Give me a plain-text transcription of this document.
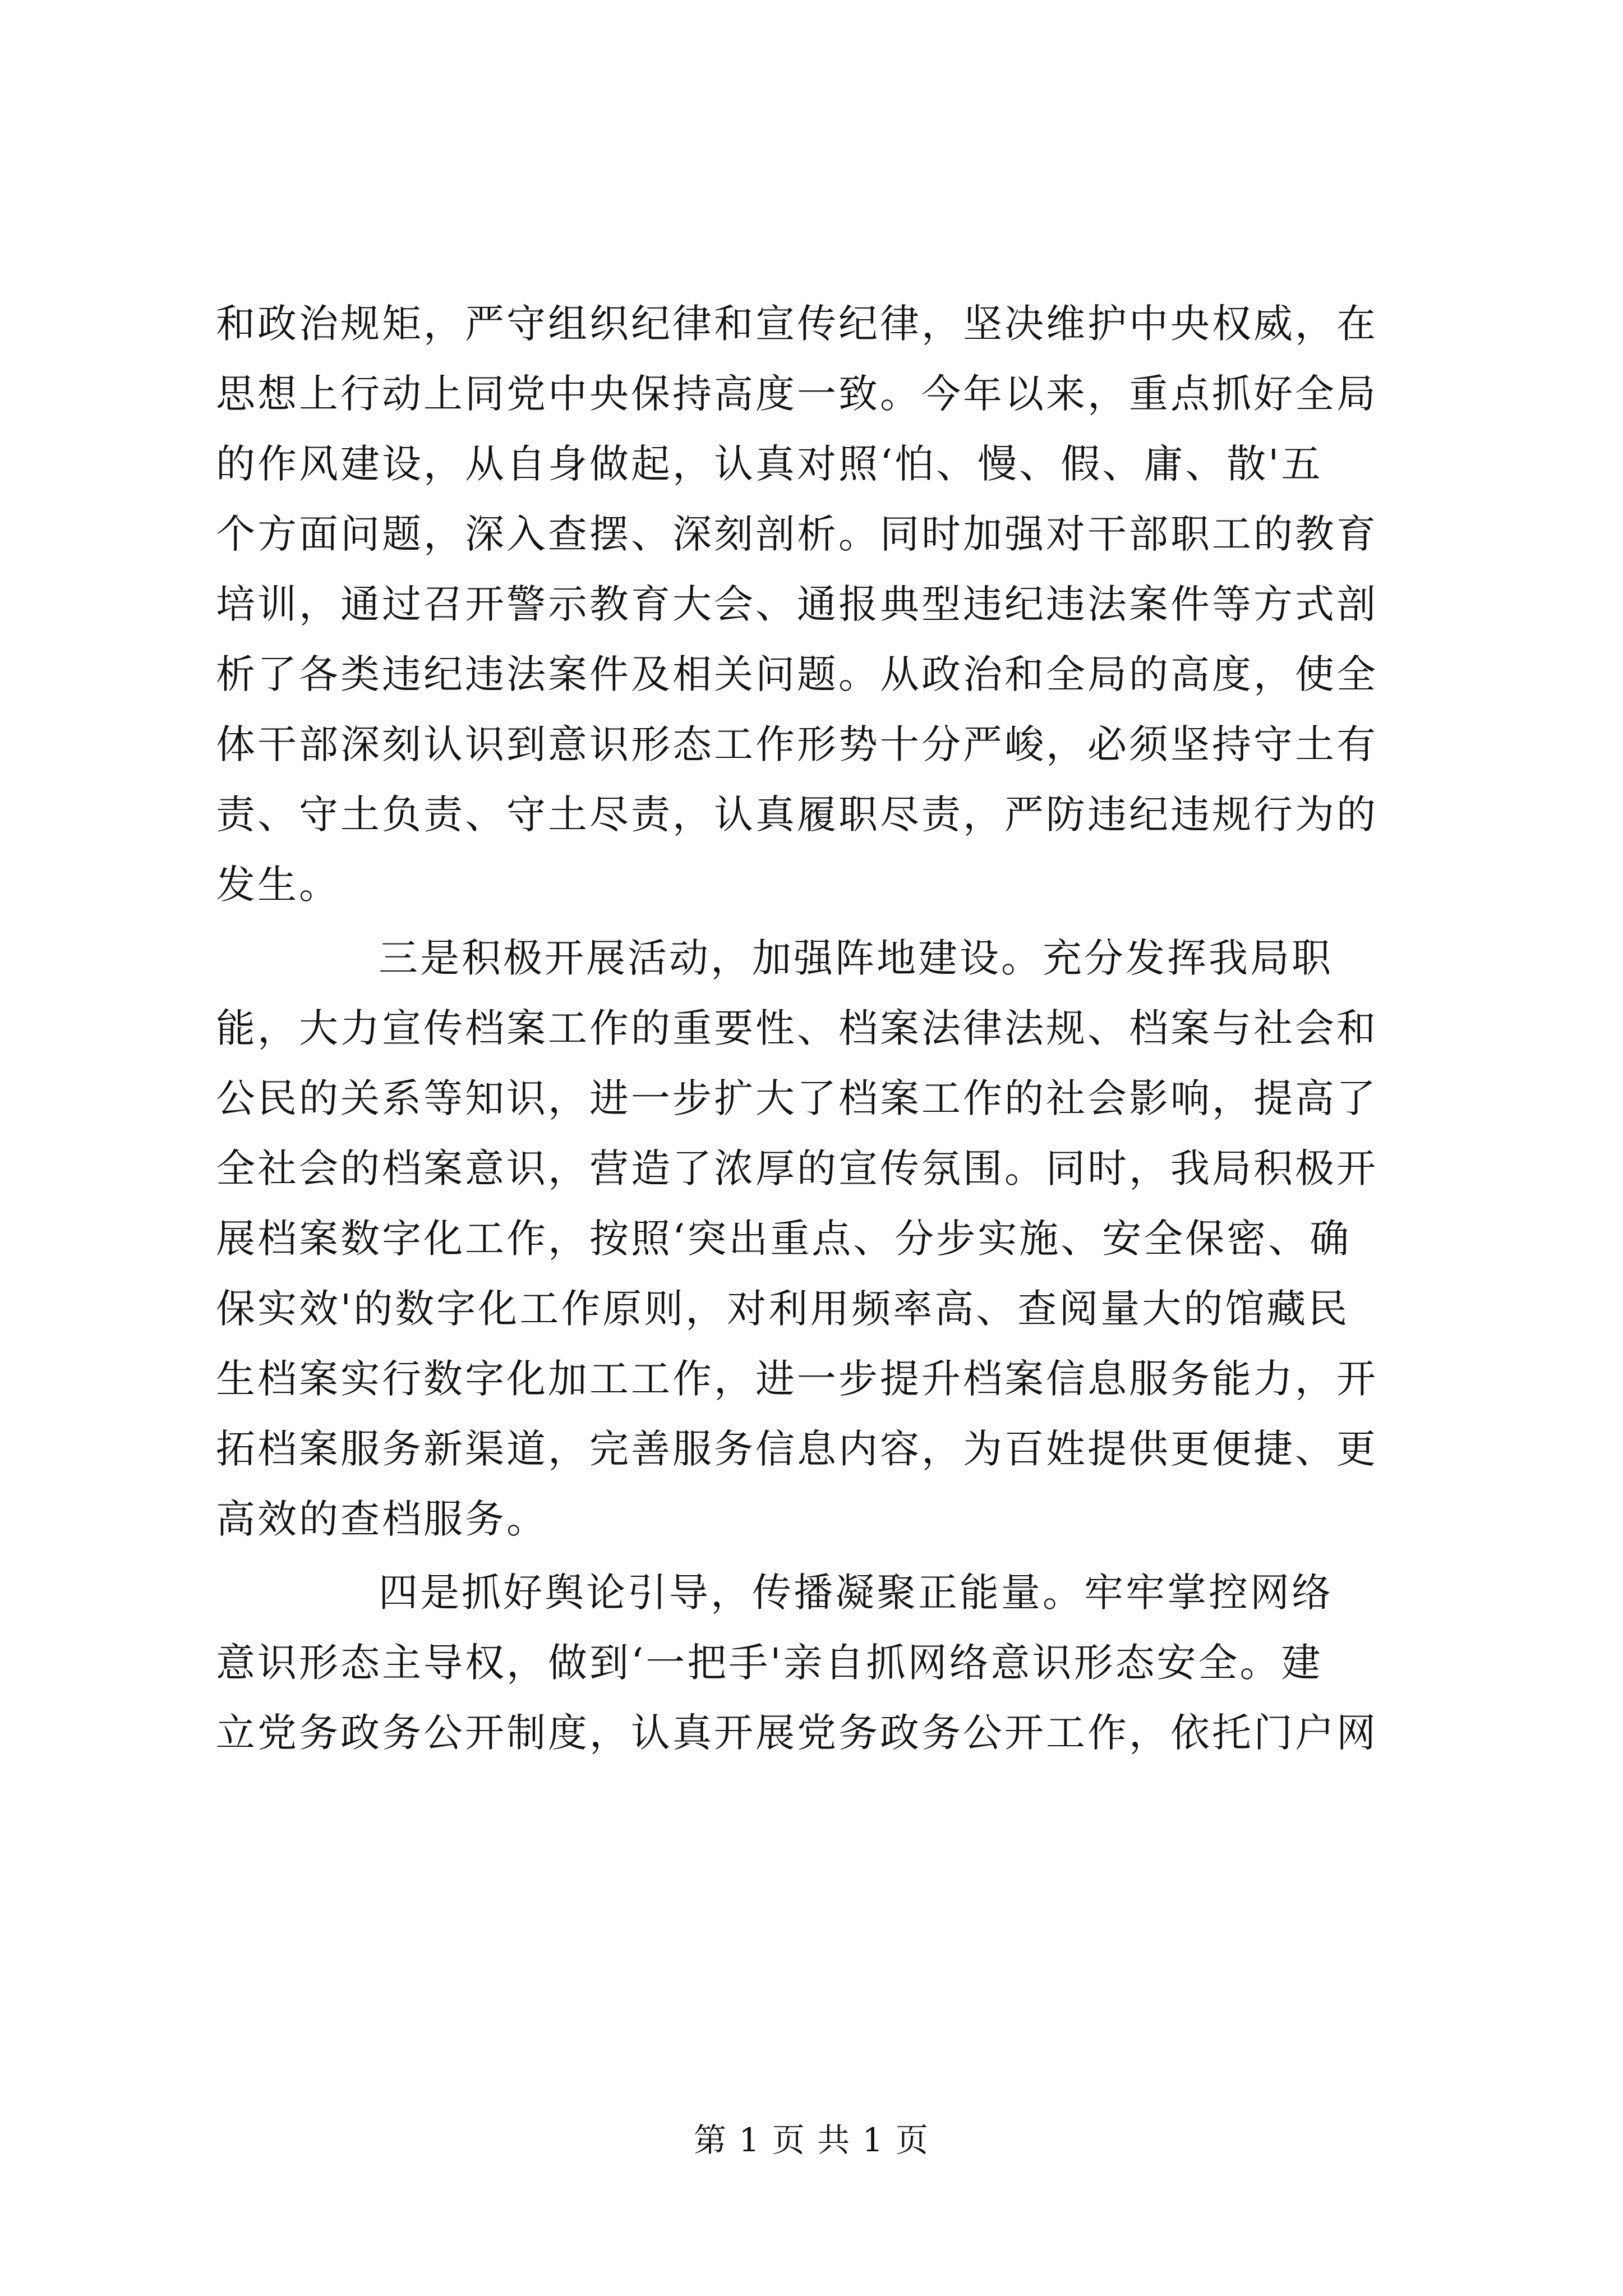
和政治规矩，严守组织纪律和宣传纪律，坚决维护中央权威，在
思想上行动上同党中央保持高度一致。今年以来，重点抓好全局
的作风建设，从自身做起，认真对照‘怕、慢、假、庸、散'五
个方面问题，深入查摆、深刻剖析。同时加强对干部职工的教育
培训，通过召开警示教育大会、通报典型违纪违法案件等方式剖
析了各类违纪违法案件及相关问题。从政治和全局的高度，使全
体干部深刻认识到意识形态工作形势十分严峻，必须坚持守土有
责、守土负责、守土尽责，认真履职尽责，严防违纪违规行为的
发生。
三是积极开展活动，加强阵地建设。充分发挥我局职
能，大力宣传档案工作的重要性、档案法律法规、档案与社会和
公民的关系等知识，进一步扩大了档案工作的社会影响，提高了
全社会的档案意识，营造了浓厚的宣传氛围。同时，我局积极开
展档案数字化工作，按照‘突出重点、分步实施、安全保密、确
保实效'的数字化工作原则，对利用频率高、查阅量大的馆藏民
生档案实行数字化加工工作，进一步提升档案信息服务能力，开
拓档案服务新渠道，完善服务信息内容，为百姓提供更便捷、更
高效的查档服务。
四是抓好舆论引导，传播凝聚正能量。牢牢掌控网络
意识形态主导权，做到‘一把手'亲自抓网络意识形态安全。建
立党务政务公开制度，认真开展党务政务公开工作，依托门户网
第 1 页 共 1 页
